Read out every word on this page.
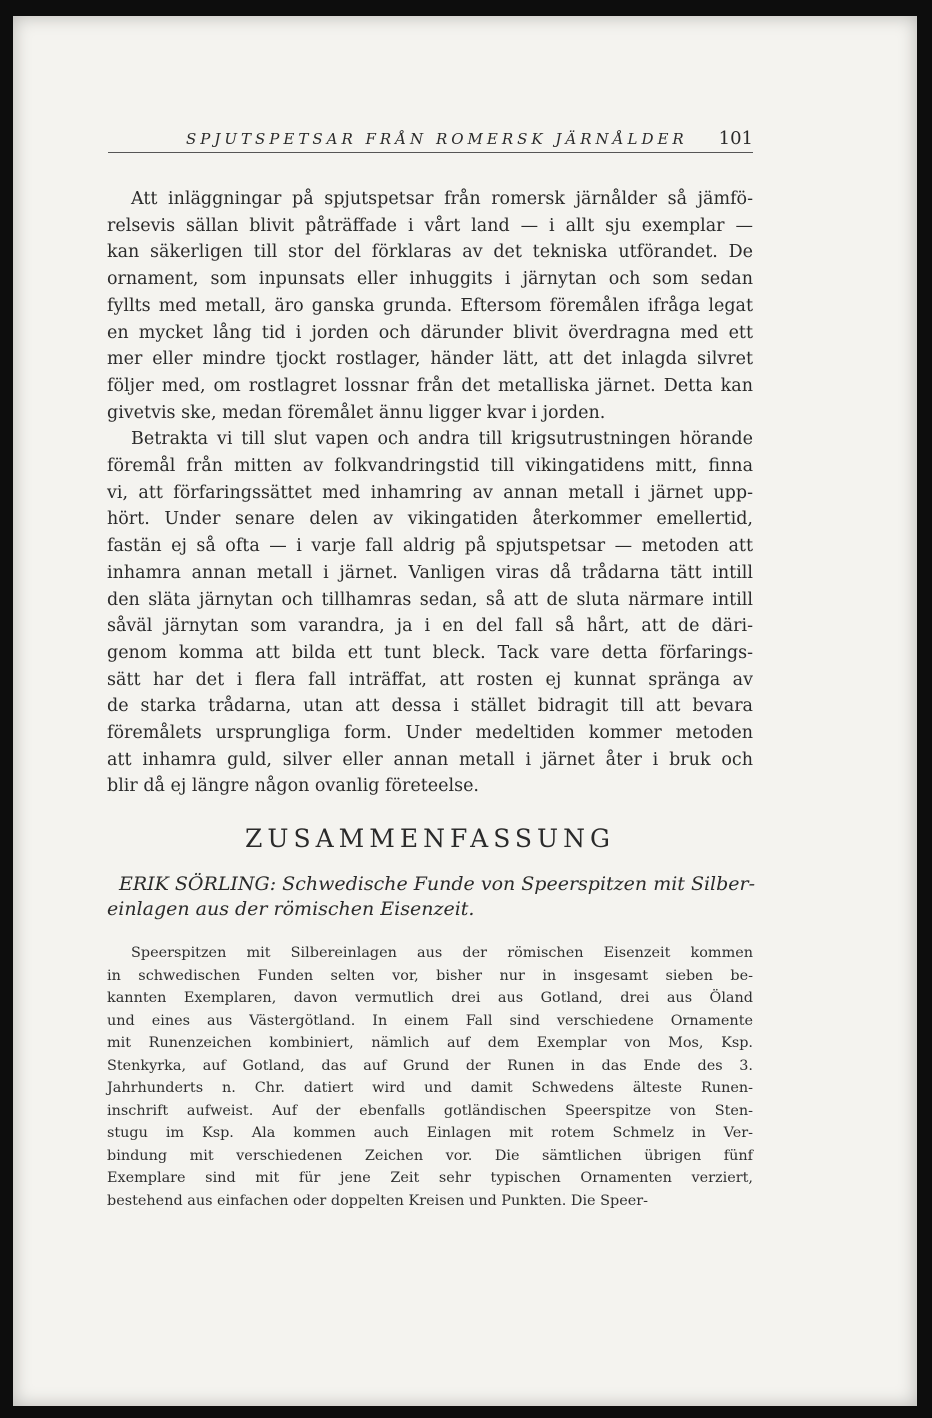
SPJUTSPETSAR FRÅN ROMERSK JÄRNÅLDER 101
Att inläggningar på spjutspetsar från romersk järnålder så jämfö-
relsevis sällan blivit påträffade i vårt land — i allt sju exemplar —
kan säkerligen till stor del förklaras av det tekniska utförandet. De
ornament, som inpunsats eller inhuggits i järnytan och som sedan
fyllts med metall, äro ganska grunda. Eftersom föremålen ifråga legat
en mycket lång tid i jorden och därunder blivit överdragna med ett
mer eller mindre tjockt rostlager, händer lätt, att det inlagda silvret
följer med, om rostlagret lossnar från det metalliska järnet. Detta kan
givetvis ske, medan föremålet ännu ligger kvar i jorden.
Betrakta vi till slut vapen och andra till krigsutrustningen hörande
föremål från mitten av folkvandringstid till vikingatidens mitt, finna
vi, att förfaringssättet med inhamring av annan metall i järnet upp-
hört. Under senare delen av vikingatiden återkommer emellertid,
fastän ej så ofta — i varje fall aldrig på spjutspetsar — metoden att
inhamra annan metall i järnet. Vanligen viras då trådarna tätt intill
den släta järnytan och tillhamras sedan, så att de sluta närmare intill
såväl järnytan som varandra, ja i en del fall så hårt, att de däri-
genom komma att bilda ett tunt bleck. Tack vare detta förfarings-
sätt har det i flera fall inträffat, att rosten ej kunnat spränga av
de starka trådarna, utan att dessa i stället bidragit till att bevara
föremålets ursprungliga form. Under medeltiden kommer metoden
att inhamra guld, silver eller annan metall i järnet åter i bruk och
blir då ej längre någon ovanlig företeelse.
ZUSAMMENFASSUNG
ERIK SÖRLING: Schwedische Funde von Speerspitzen mit Silber-
einlagen aus der römischen Eisenzeit.
Speerspitzen mit Silbereinlagen aus der römischen Eisenzeit kommen
in schwedischen Funden selten vor, bisher nur in insgesamt sieben be-
kannten Exemplaren, davon vermutlich drei aus Gotland, drei aus Öland
und eines aus Västergötland. In einem Fall sind verschiedene Ornamente
mit Runenzeichen kombiniert, nämlich auf dem Exemplar von Mos, Ksp.
Stenkyrka, auf Gotland, das auf Grund der Runen in das Ende des 3.
Jahrhunderts n. Chr. datiert wird und damit Schwedens älteste Runen-
inschrift aufweist. Auf der ebenfalls gotländischen Speerspitze von Sten-
stugu im Ksp. Ala kommen auch Einlagen mit rotem Schmelz in Ver-
bindung mit verschiedenen Zeichen vor. Die sämtlichen übrigen fünf
Exemplare sind mit für jene Zeit sehr typischen Ornamenten verziert,
bestehend aus einfachen oder doppelten Kreisen und Punkten. Die Speer-
